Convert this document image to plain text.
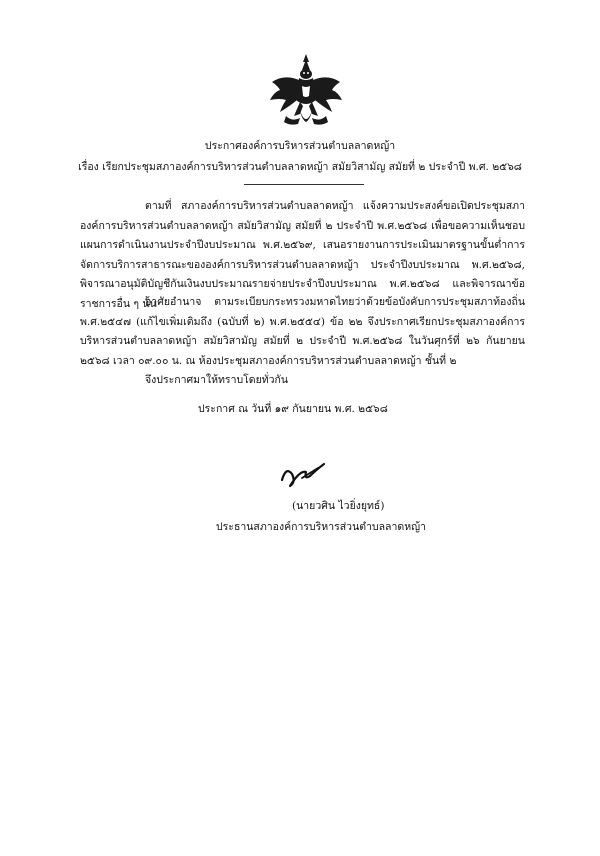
ประกาศองค์การบริหารส่วนตำบลลาดหญ้า
เรื่อง เรียกประชุมสภาองค์การบริหารส่วนตำบลลาดหญ้า สมัยวิสามัญ สมัยที่ ๒ ประจำปี พ.ศ. ๒๕๖๘
ตามที่ สภาองค์การบริหารส่วนตำบลลาดหญ้า แจ้งความประสงค์ขอเปิดประชุมสภาองค์การบริหารส่วนตำบลลาดหญ้า สมัยวิสามัญ สมัยที่ ๒ ประจำปี พ.ศ.๒๕๖๘ เพื่อขอความเห็นชอบแผนการดำเนินงานประจำปีงบประมาณ พ.ศ.๒๕๖๙, เสนอรายงานการประเมินมาตรฐานขั้นต่ำการจัดการบริการสาธารณะขององค์การบริหารส่วนตำบลลาดหญ้า ประจำปีงบประมาณ พ.ศ.๒๕๖๘, พิจารณาอนุมัติบัญชีกันเงินงบประมาณรายจ่ายประจำปีงบประมาณ พ.ศ.๒๕๖๘ และพิจารณาข้อราชการอื่น ๆ นั้น
อาศัยอำนาจ ตามระเบียบกระทรวงมหาดไทยว่าด้วยข้อบังคับการประชุมสภาท้องถิ่น พ.ศ.๒๕๔๗ (แก้ไขเพิ่มเติมถึง (ฉบับที่ ๒) พ.ศ.๒๕๕๔) ข้อ ๒๒ จึงประกาศเรียกประชุมสภาองค์การบริหารส่วนตำบลลาดหญ้า สมัยวิสามัญ สมัยที่ ๒ ประจำปี พ.ศ.๒๕๖๘ ในวันศุกร์ที่ ๒๖ กันยายน ๒๕๖๘ เวลา ๐๙.๐๐ น. ณ ห้องประชุมสภาองค์การบริหารส่วนตำบลลาดหญ้า ชั้นที่ ๒
จึงประกาศมาให้ทราบโดยทั่วกัน
ประกาศ ณ วันที่ ๑๙ กันยายน พ.ศ. ๒๕๖๘
(นายวศิน ไวยิ่งยุทธ์)
ประธานสภาองค์การบริหารส่วนตำบลลาดหญ้า
